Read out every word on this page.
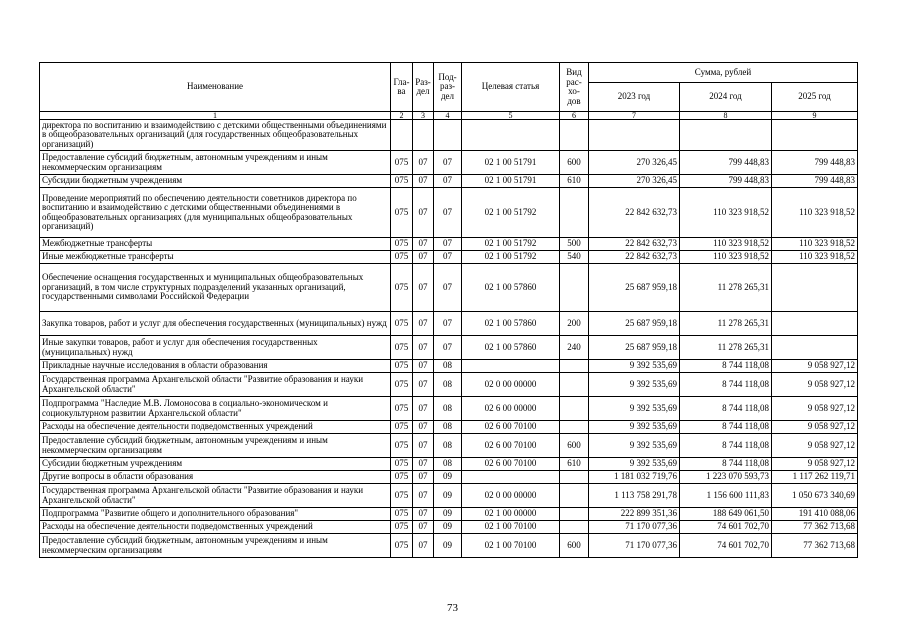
Наименование	Гла-ва	Раз-дел	Под-раз-дел	Целевая статья	Вид рас-хо-дов	Сумма, рублей		
						2023 год	2024 год	2025 год
1	2	3	4	5	6	7	8	9
директора по воспитанию и взаимодействию с детскими общественными объединениями в общеобразовательных организаций (для государственных общеобразовательных организаций)								
Предоставление субсидий бюджетным, автономным учреждениям и иным некоммерческим организациям	075	07	07	02 1 00 51791	600	270 326,45	799 448,83	799 448,83
Субсидии бюджетным учреждениям	075	07	07	02 1 00 51791	610	270 326,45	799 448,83	799 448,83
Проведение мероприятий по обеспечению деятельности советников директора по воспитанию и взаимодействию с детскими общественными объединениями в общеобразовательных организациях (для муниципальных общеобразовательных организаций)	075	07	07	02 1 00 51792		22 842 632,73	110 323 918,52	110 323 918,52
Межбюджетные трансферты	075	07	07	02 1 00 51792	500	22 842 632,73	110 323 918,52	110 323 918,52
Иные межбюджетные трансферты	075	07	07	02 1 00 51792	540	22 842 632,73	110 323 918,52	110 323 918,52
Обеспечение оснащения государственных и муниципальных общеобразовательных организаций, в том числе структурных подразделений указанных организаций, государственными символами Российской Федерации	075	07	07	02 1 00 57860		25 687 959,18	11 278 265,31	
Закупка товаров, работ и услуг для обеспечения государственных (муниципальных) нужд	075	07	07	02 1 00 57860	200	25 687 959,18	11 278 265,31	
Иные закупки товаров, работ и услуг для обеспечения государственных (муниципальных) нужд	075	07	07	02 1 00 57860	240	25 687 959,18	11 278 265,31	
Прикладные научные исследования в области образования	075	07	08			9 392 535,69	8 744 118,08	9 058 927,12
Государственная программа Архангельской области "Развитие образования и науки Архангельской области"	075	07	08	02 0 00 00000		9 392 535,69	8 744 118,08	9 058 927,12
Подпрограмма "Наследие М.В. Ломоносова в социально-экономическом и социокультурном развитии Архангельской области"	075	07	08	02 6 00 00000		9 392 535,69	8 744 118,08	9 058 927,12
Расходы на обеспечение деятельности подведомственных учреждений	075	07	08	02 6 00 70100		9 392 535,69	8 744 118,08	9 058 927,12
Предоставление субсидий бюджетным, автономным учреждениям и иным некоммерческим организациям	075	07	08	02 6 00 70100	600	9 392 535,69	8 744 118,08	9 058 927,12
Субсидии бюджетным учреждениям	075	07	08	02 6 00 70100	610	9 392 535,69	8 744 118,08	9 058 927,12
Другие вопросы в области образования	075	07	09			1 181 032 719,76	1 223 070 593,73	1 117 262 119,71
Государственная программа Архангельской области "Развитие образования и науки Архангельской области"	075	07	09	02 0 00 00000		1 113 758 291,78	1 156 600 111,83	1 050 673 340,69
Подпрограмма "Развитие общего и дополнительного образования"	075	07	09	02 1 00 00000		222 899 351,36	188 649 061,50	191 410 088,06
Расходы на обеспечение деятельности подведомственных учреждений	075	07	09	02 1 00 70100		71 170 077,36	74 601 702,70	77 362 713,68
Предоставление субсидий бюджетным, автономным учреждениям и иным некоммерческим организациям	075	07	09	02 1 00 70100	600	71 170 077,36	74 601 702,70	77 362 713,68
73
